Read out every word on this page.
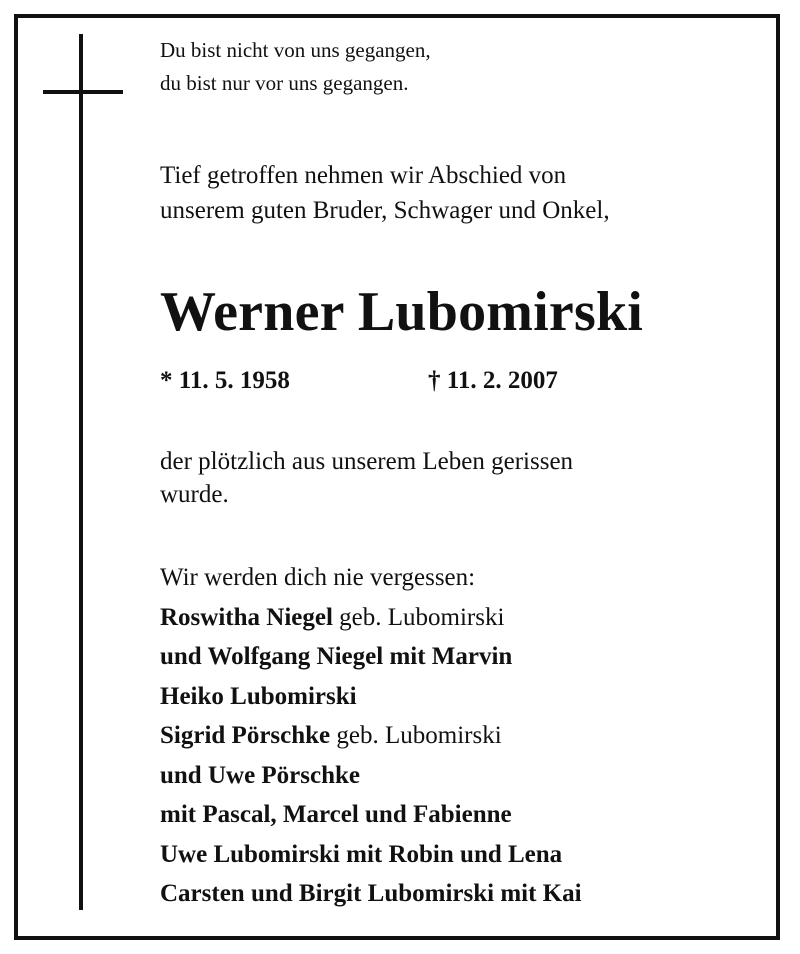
Du bist nicht von uns gegangen,
du bist nur vor uns gegangen.
Tief getroffen nehmen wir Abschied von
unserem guten Bruder, Schwager und Onkel,
Werner Lubomirski
* 11. 5. 1958	† 11. 2. 2007
der plötzlich aus unserem Leben gerissen
wurde.
Wir werden dich nie vergessen:
Roswitha Niegel geb. Lubomirski
und Wolfgang Niegel mit Marvin
Heiko Lubomirski
Sigrid Pörschke geb. Lubomirski
und Uwe Pörschke
mit Pascal, Marcel und Fabienne
Uwe Lubomirski mit Robin und Lena
Carsten und Birgit Lubomirski mit Kai
